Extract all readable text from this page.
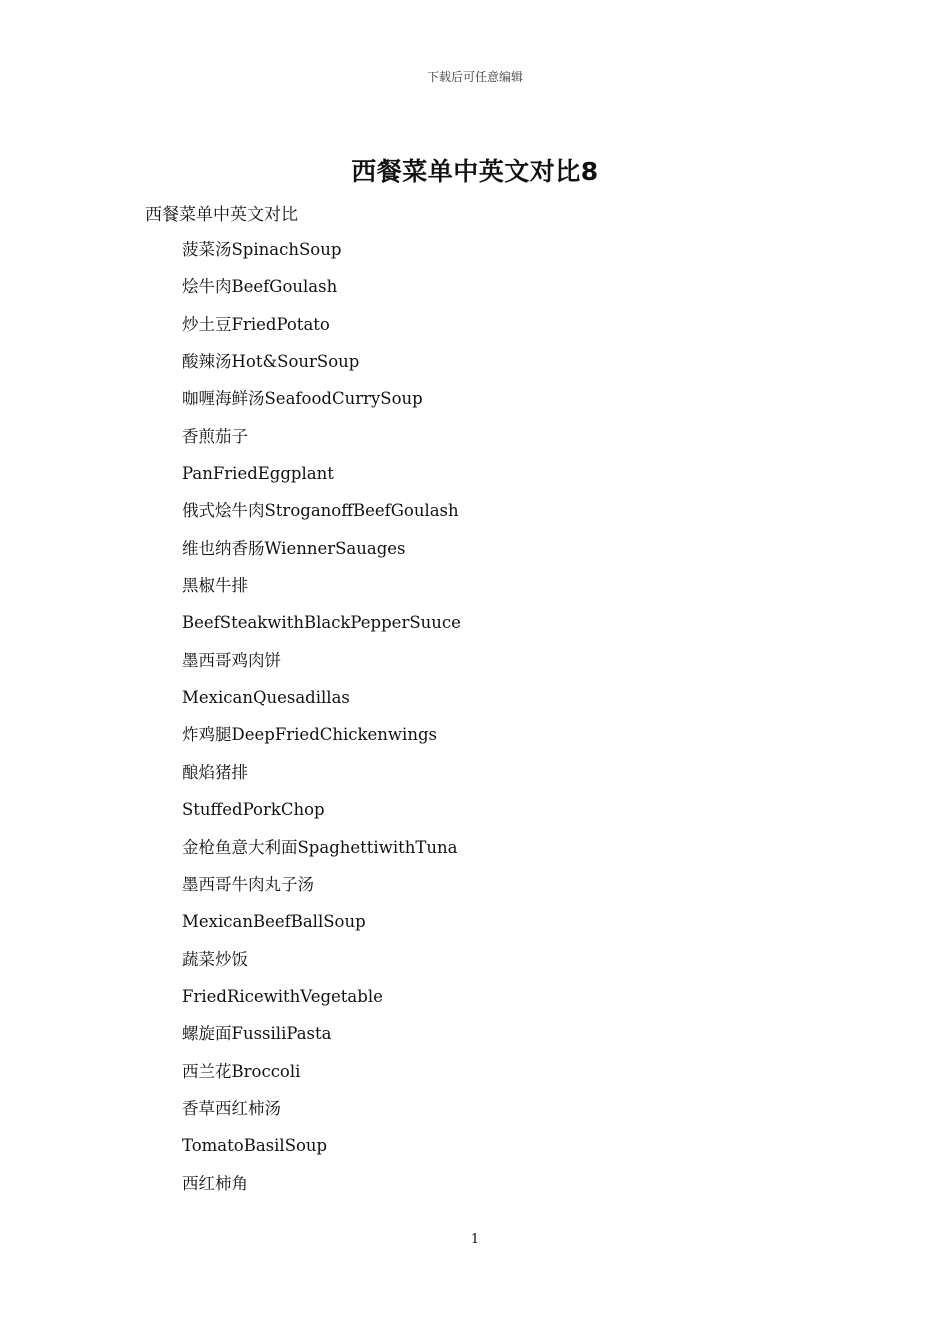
下载后可任意编辑
西餐菜单中英文对比8
西餐菜单中英文对比
菠菜汤SpinachSoup
烩牛肉BeefGoulash
炒土豆FriedPotato
酸辣汤Hot&SourSoup
咖喱海鲜汤SeafoodCurrySoup
香煎茄子
PanFriedEggplant
俄式烩牛肉StroganoffBeefGoulash
维也纳香肠WiennerSauages
黑椒牛排
BeefSteakwithBlackPepperSuuce
墨西哥鸡肉饼
MexicanQuesadillas
炸鸡腿DeepFriedChickenwings
酿焰猪排
StuffedPorkChop
金枪鱼意大利面SpaghettiwithTuna
墨西哥牛肉丸子汤
MexicanBeefBallSoup
蔬菜炒饭
FriedRicewithVegetable
螺旋面FussiliPasta
西兰花Broccoli
香草西红柿汤
TomatoBasilSoup
西红柿角
1
